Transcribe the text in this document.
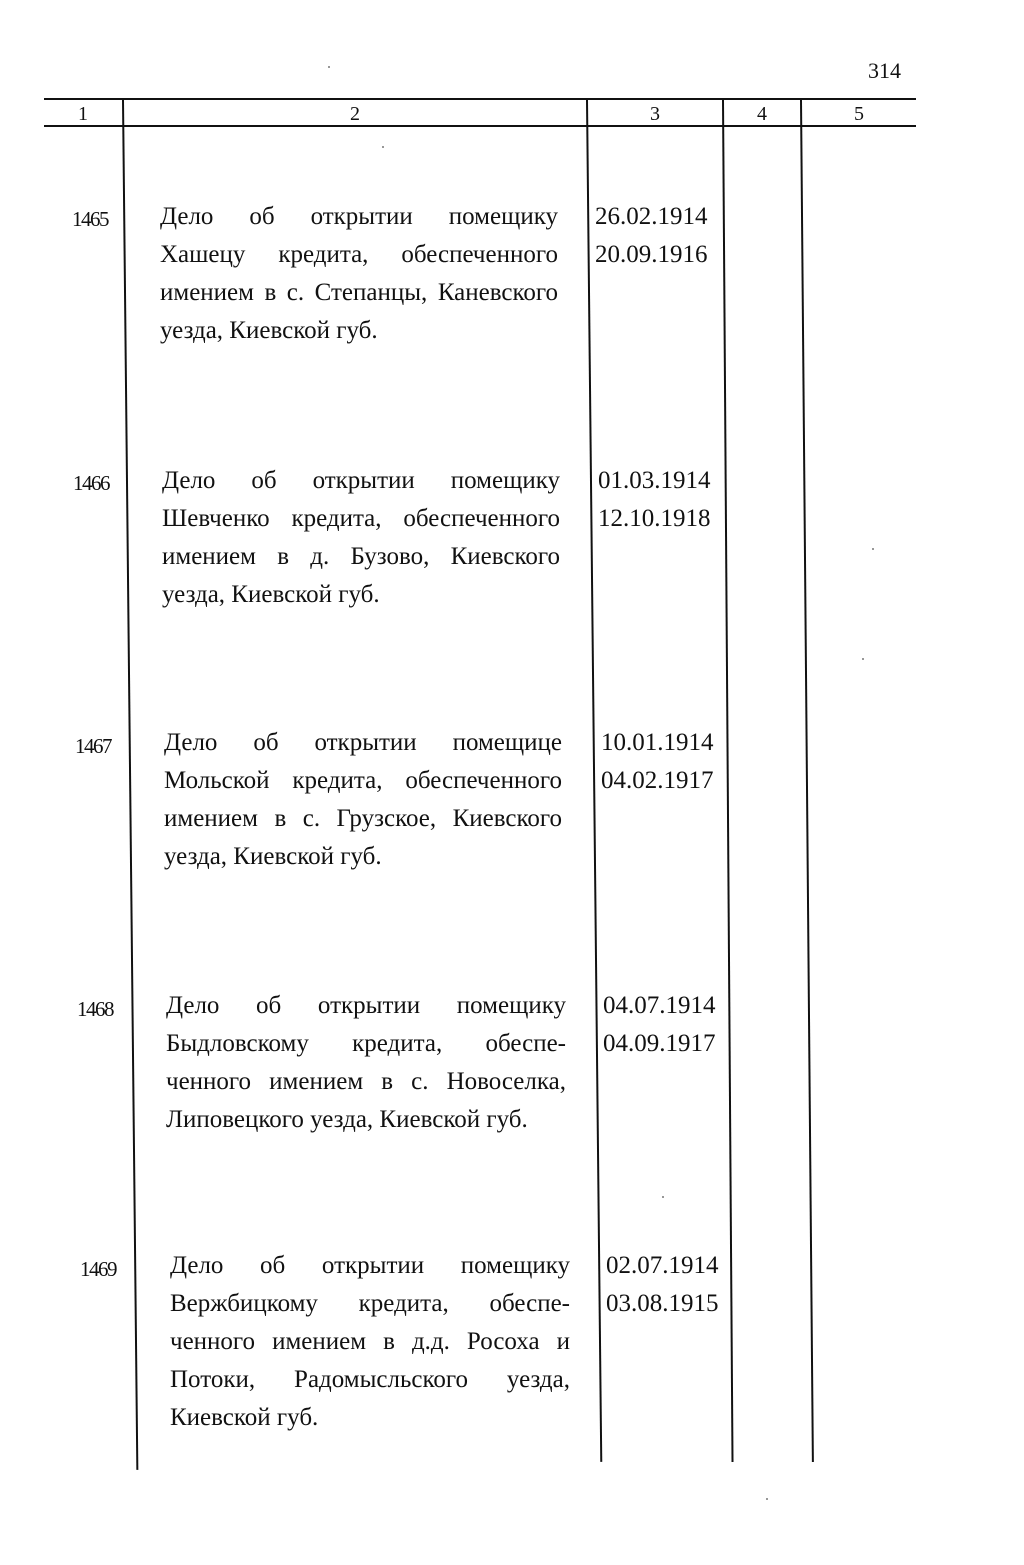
314
1	2	3	4	5
1465 Дело об открытии помещику Хашецу кредита, обеспеченного имением в с. Степанцы, Каневского уезда, Киевской губ.
26.02.1914
20.09.1916
1466 Дело об открытии помещику Шевченко кредита, обеспеченного имением в д. Бузово, Киевского уезда, Киевской губ.
01.03.1914
12.10.1918
1467 Дело об открытии помещице Мольской кредита, обеспеченного имением в с. Грузское, Киевского уезда, Киевской губ.
10.01.1914
04.02.1917
1468 Дело об открытии помещику Быдловскому кредита, обеспе-ченного имением в с. Новоселка, Липовецкого уезда, Киевской губ.
04.07.1914
04.09.1917
1469 Дело об открытии помещику Вержбицкому кредита, обеспе-ченного имением в д.д. Росоха и Потоки, Радомысльского уезда, Киевской губ.
02.07.1914
03.08.1915
